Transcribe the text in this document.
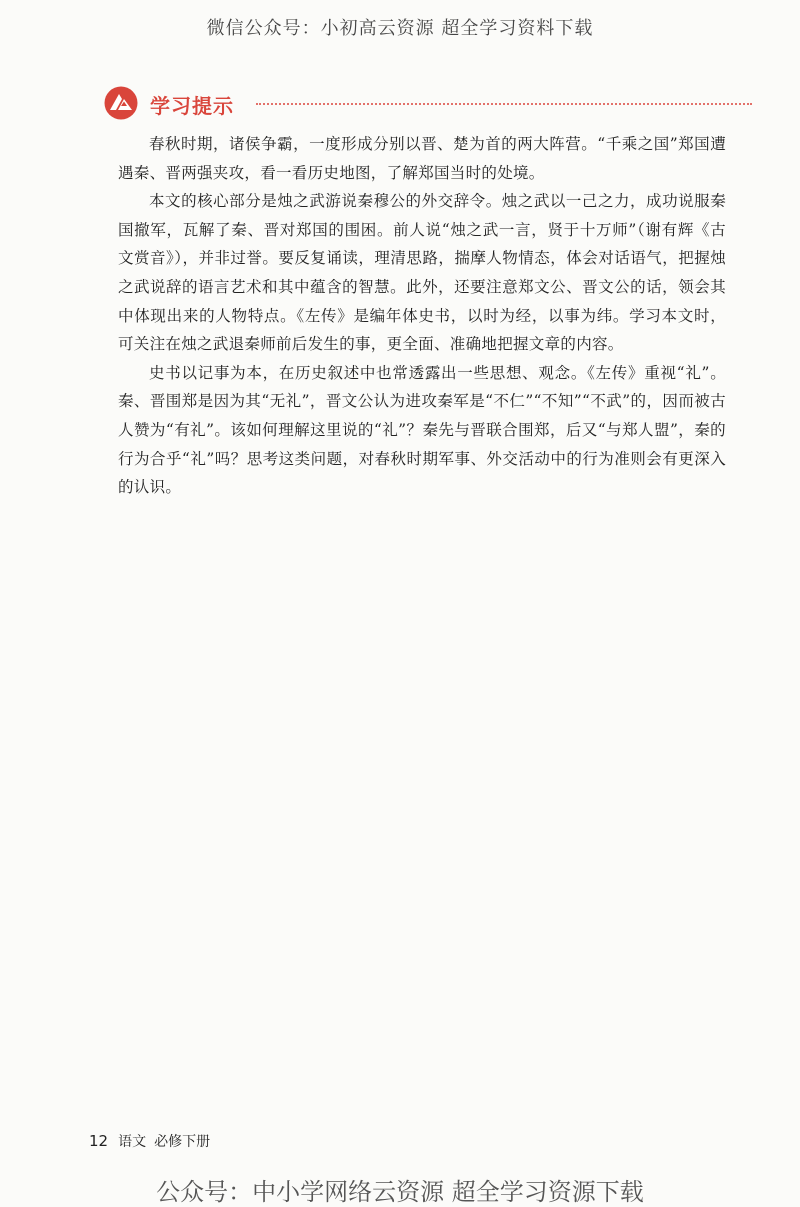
微信公众号：小初高云资源 超全学习资料下载
学习提示

春秋时期，诸侯争霸，一度形成分别以晋、楚为首的两大阵营。“千乘之国”郑国遭遇秦、晋两强夹攻，看一看历史地图，了解郑国当时的处境。

本文的核心部分是烛之武游说秦穆公的外交辞令。烛之武以一己之力，成功说服秦国撤军，瓦解了秦、晋对郑国的围困。前人说“烛之武一言，贤于十万师”（谢有辉《古文赏音》），并非过誉。要反复诵读，理清思路，揣摩人物情态，体会对话语气，把握烛之武说辞的语言艺术和其中蕴含的智慧。此外，还要注意郑文公、晋文公的话，领会其中体现出来的人物特点。《左传》是编年体史书，以时为经，以事为纬。学习本文时，可关注在烛之武退秦师前后发生的事，更全面、准确地把握文章的内容。

史书以记事为本，在历史叙述中也常透露出一些思想、观念。《左传》重视“礼”。秦、晋围郑是因为其“无礼”，晋文公认为进攻秦军是“不仁”“不知”“不武”的，因而被古人赞为“有礼”。该如何理解这里说的“礼”？秦先与晋联合围郑，后又“与郑人盟”，秦的行为合乎“礼”吗？思考这类问题，对春秋时期军事、外交活动中的行为准则会有更深入的认识。

12 语文 必修下册
公众号：中小学网络云资源 超全学习资源下载
